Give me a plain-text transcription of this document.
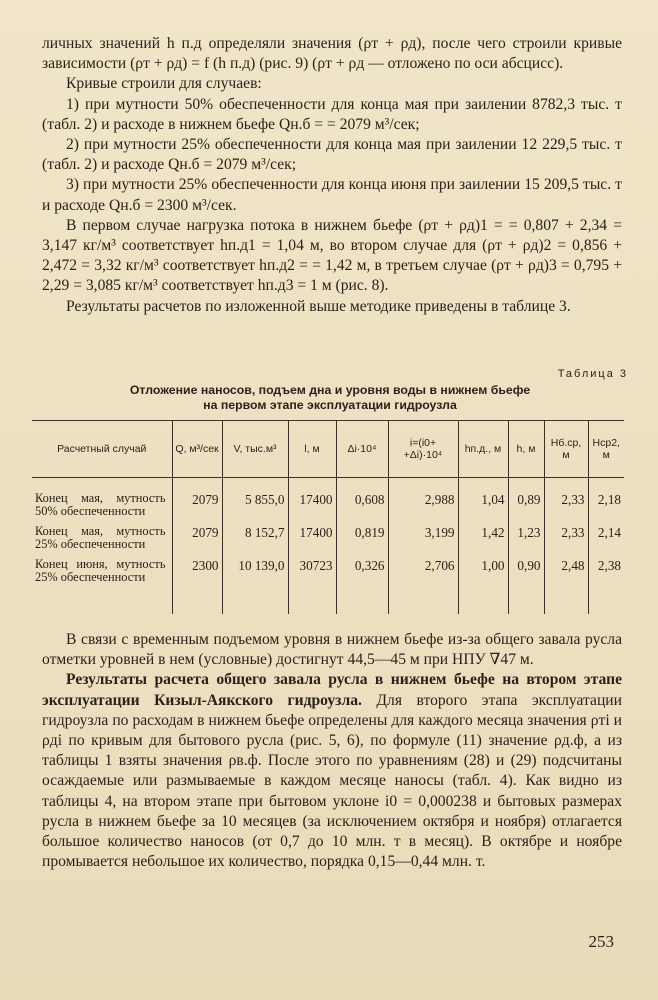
личных значений h п.д определяли значения (ρт + ρд), после чего строили кривые зависимости (ρт + ρд) = f (h п.д) (рис. 9) (ρт + ρд — отложено по оси абсцисс).

Кривые строили для случаев:

1) при мутности 50% обеспеченности для конца мая при заилении 8782,3 тыс. т (табл. 2) и расходе в нижнем бьефе Qн.б = = 2079 м³/сек;

2) при мутности 25% обеспеченности для конца мая при заилении 12 229,5 тыс. т (табл. 2) и расходе Qн.б = 2079 м³/сек;

3) при мутности 25% обеспеченности для конца июня при заилении 15 209,5 тыс. т и расходе Qн.б = 2300 м³/сек.

В первом случае нагрузка потока в нижнем бьефе (ρт + ρд)1 = = 0,807 + 2,34 = 3,147 кг/м³ соответствует hп.д1 = 1,04 м, во втором случае для (ρт + ρд)2 = 0,856 + 2,472 = 3,32 кг/м³ соответствует hп.д2 = = 1,42 м, в третьем случае (ρт + ρд)3 = 0,795 + 2,29 = 3,085 кг/м³ соответствует hп.д3 = 1 м (рис. 8).

Результаты расчетов по изложенной выше методике приведены в таблице 3.

Таблица 3
Отложение наносов, подъем дна и уровня воды в нижнем бьефе
на первом этапе эксплуатации гидроузла
Расчетный случай	Q, м³/сек	V, тыс.м³	l, м	Δi·10⁴	i=(i0+ +Δi)·10⁴	hп.д., м	h, м	Hб.ср, м	Hср2, м

Конец мая, мутность 50% обеспеченности	2079	5 855,0	17400	0,608	2,988	1,04	0,89	2,33	2,18
Конец мая, мутность 25% обеспеченности	2079	8 152,7	17400	0,819	3,199	1,42	1,23	2,33	2,14
Конец июня, мутность 25% обеспеченности	2300	10 139,0	30723	0,326	2,706	1,00	0,90	2,48	2,38

В связи с временным подъемом уровня в нижнем бьефе из-за общего завала русла отметки уровней в нем (условные) достигнут 44,5—45 м при НПУ ∇47 м.

Результаты расчета общего завала русла в нижнем бьефе на втором этапе эксплуатации Кизыл-Аякского гидроузла. Для второго этапа эксплуатации гидроузла по расходам в нижнем бьефе определены для каждого месяца значения ρтi и ρдi по кривым для бытового русла (рис. 5, 6), по формуле (11) значение ρд.ф, а из таблицы 1 взяты значения ρв.ф. После этого по уравнениям (28) и (29) подсчитаны осаждаемые или размываемые в каждом месяце наносы (табл. 4). Как видно из таблицы 4, на втором этапе при бытовом уклоне i0 = 0,000238 и бытовых размерах русла в нижнем бьефе за 10 месяцев (за исключением октября и ноября) отлагается большое количество наносов (от 0,7 до 10 млн. т в месяц). В октябре и ноябре промывается небольшое их количество, порядка 0,15—0,44 млн. т.

253
